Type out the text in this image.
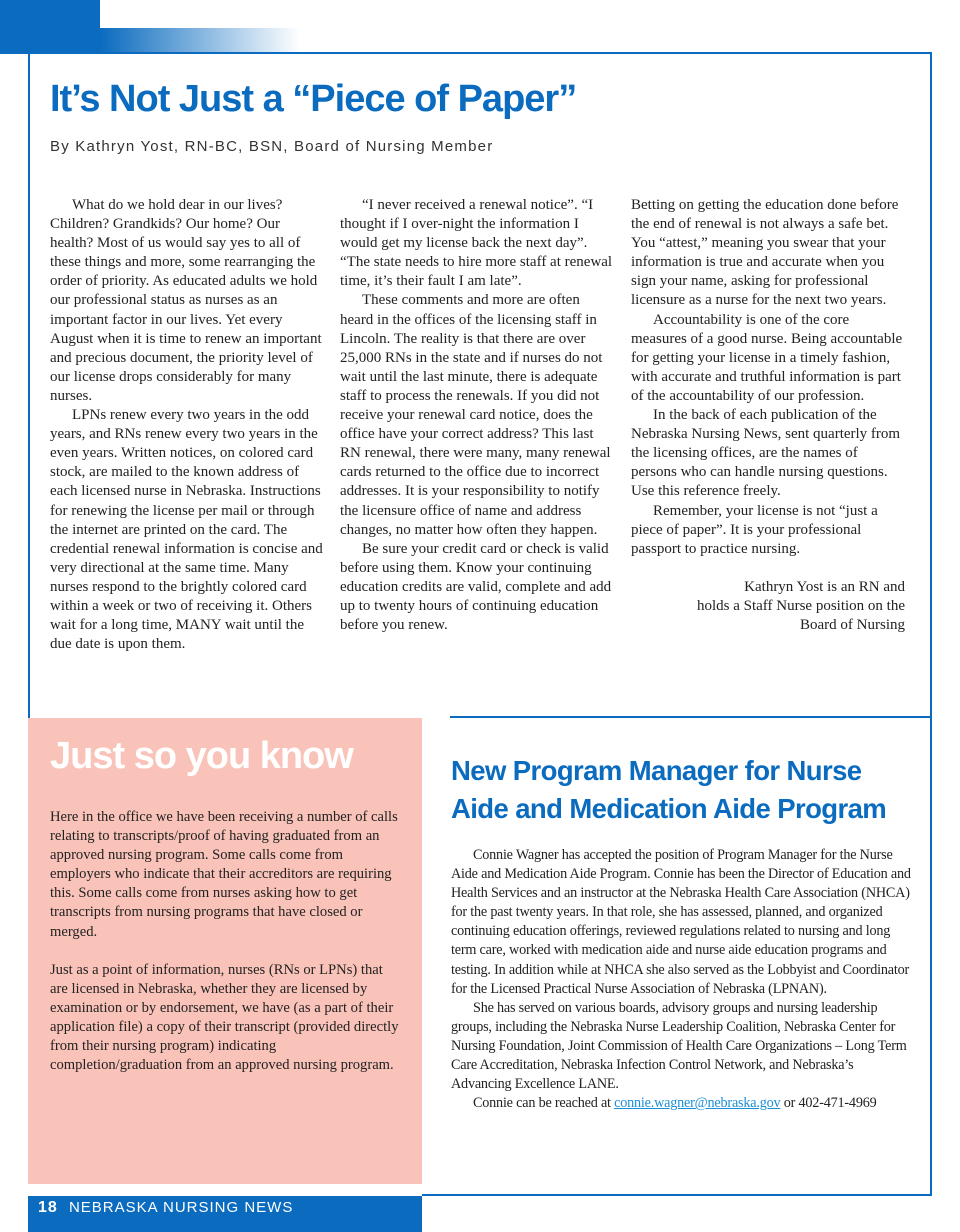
It’s Not Just a “Piece of Paper”

By Kathryn Yost, RN-BC, BSN, Board of Nursing Member

What do we hold dear in our lives? Children? Grandkids? Our home? Our health? Most of us would say yes to all of these things and more, some rearranging the order of priority. As educated adults we hold our professional status as nurses as an important factor in our lives. Yet every August when it is time to renew an important and precious document, the priority level of our license drops considerably for many nurses.

LPNs renew every two years in the odd years, and RNs renew every two years in the even years. Written notices, on colored card stock, are mailed to the known address of each licensed nurse in Nebraska. Instructions for renewing the license per mail or through the internet are printed on the card. The credential renewal information is concise and very directional at the same time. Many nurses respond to the brightly colored card within a week or two of receiving it. Others wait for a long time, MANY wait until the due date is upon them.

“I never received a renewal notice”. “I thought if I over-night the information I would get my license back the next day”. “The state needs to hire more staff at renewal time, it’s their fault I am late”.

These comments and more are often heard in the offices of the licensing staff in Lincoln. The reality is that there are over 25,000 RNs in the state and if nurses do not wait until the last minute, there is adequate staff to process the renewals. If you did not receive your renewal card notice, does the office have your correct address? This last RN renewal, there were many, many renewal cards returned to the office due to incorrect addresses. It is your responsibility to notify the licensure office of name and address changes, no matter how often they happen.

Be sure your credit card or check is valid before using them. Know your continuing education credits are valid, complete and add up to twenty hours of continuing education before you renew.

Betting on getting the education done before the end of renewal is not always a safe bet. You “attest,” meaning you swear that your information is true and accurate when you sign your name, asking for professional licensure as a nurse for the next two years.

Accountability is one of the core measures of a good nurse. Being accountable for getting your license in a timely fashion, with accurate and truthful information is part of the accountability of our profession.

In the back of each publication of the Nebraska Nursing News, sent quarterly from the licensing offices, are the names of persons who can handle nursing questions. Use this reference freely.

Remember, your license is not “just a piece of paper”. It is your professional passport to practice nursing.

Kathryn Yost is an RN and
holds a Staff Nurse position on the
Board of Nursing

Just so you know

Here in the office we have been receiving a number of calls relating to transcripts/proof of having graduated from an approved nursing program. Some calls come from employers who indicate that their accreditors are requiring this. Some calls come from nurses asking how to get transcripts from nursing programs that have closed or merged.

Just as a point of information, nurses (RNs or LPNs) that are licensed in Nebraska, whether they are licensed by examination or by endorsement, we have (as a part of their application file) a copy of their transcript (provided directly from their nursing program) indicating completion/graduation from an approved nursing program.

New Program Manager for Nurse Aide and Medication Aide Program

Connie Wagner has accepted the position of Program Manager for the Nurse Aide and Medication Aide Program. Connie has been the Director of Education and Health Services and an instructor at the Nebraska Health Care Association (NHCA) for the past twenty years. In that role, she has assessed, planned, and organized continuing education offerings, reviewed regulations related to nursing and long term care, worked with medication aide and nurse aide education programs and testing. In addition while at NHCA she also served as the Lobbyist and Coordinator for the Licensed Practical Nurse Association of Nebraska (LPNAN).

She has served on various boards, advisory groups and nursing leadership groups, including the Nebraska Nurse Leadership Coalition, Nebraska Center for Nursing Foundation, Joint Commission of Health Care Organizations – Long Term Care Accreditation, Nebraska Infection Control Network, and Nebraska’s Advancing Excellence LANE.

Connie can be reached at connie.wagner@nebraska.gov or 402-471-4969

18 NEBRASKA NURSING NEWS
